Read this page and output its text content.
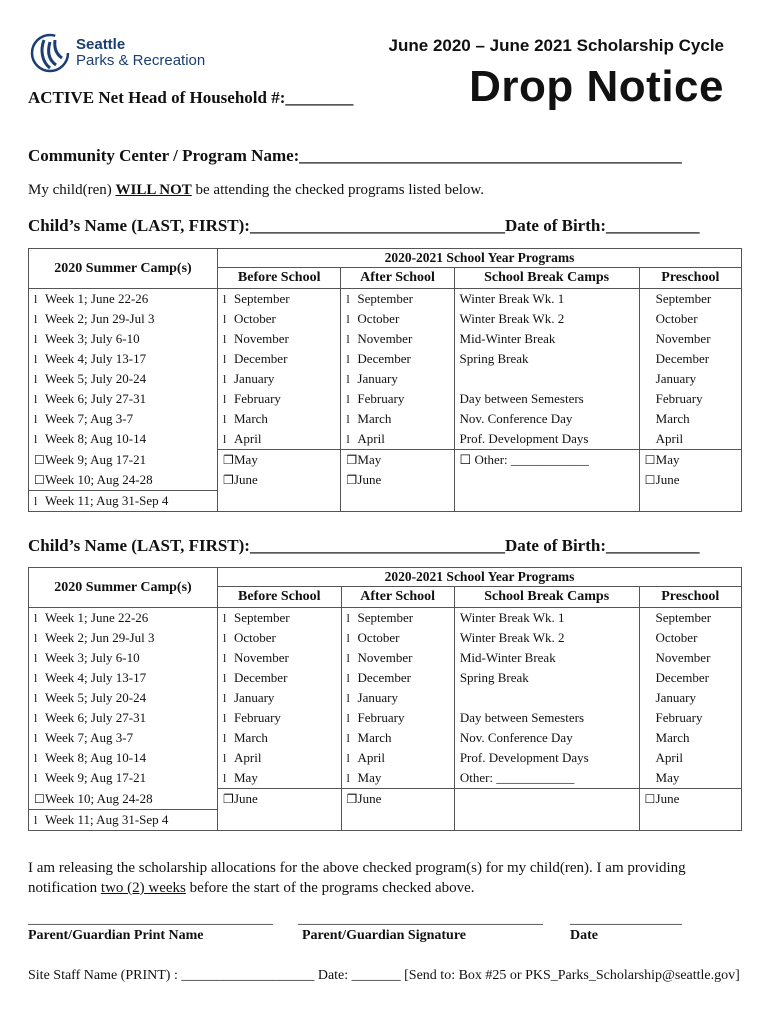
Seattle
Parks & Recreation
June 2020 – June 2021 Scholarship Cycle
Drop Notice
ACTIVE Net Head of Household #:________
Community Center / Program Name:_____________________________________________
My child(ren) WILL NOT be attending the checked programs listed below.
Child’s Name (LAST, FIRST):______________________________Date of Birth:___________
2020 Summer Camp(s)	2020-2021 School Year Programs			
	Before School	After School	School Break Camps	Preschool
l Week 1; June 22-26	l September	l September	Winter Break Wk. 1	September
l Week 2; Jun 29-Jul 3	l October	l October	Winter Break Wk. 2	October
l Week 3; July 6-10	l November	l November	Mid-Winter Break	November
l Week 4; July 13-17	l December	l December	Spring Break	December
l Week 5; July 20-24	l January	l January		January
l Week 6; July 27-31	l February	l February	Day between Semesters	February
l Week 7; Aug 3-7	l March	l March	Nov. Conference Day	March
l Week 8; Aug 10-14	l April	l April	Prof. Development Days	April
☐Week 9; Aug 17-21	❐May	❐May	☐ Other: ____________	☐May
☐Week 10; Aug 24-28	❐June	❐June		☐June
l Week 11; Aug 31-Sep 4				
Child’s Name (LAST, FIRST):______________________________Date of Birth:___________
2020 Summer Camp(s)	2020-2021 School Year Programs			
	Before School	After School	School Break Camps	Preschool
l Week 1; June 22-26	l September	l September	Winter Break Wk. 1	September
l Week 2; Jun 29-Jul 3	l October	l October	Winter Break Wk. 2	October
l Week 3; July 6-10	l November	l November	Mid-Winter Break	November
l Week 4; July 13-17	l December	l December	Spring Break	December
l Week 5; July 20-24	l January	l January		January
l Week 6; July 27-31	l February	l February	Day between Semesters	February
l Week 7; Aug 3-7	l March	l March	Nov. Conference Day	March
l Week 8; Aug 10-14	l April	l April	Prof. Development Days	April
l Week 9; Aug 17-21	l May	l May	Other: ____________	May
☐Week 10; Aug 24-28	❐June	❐June		☐June
l Week 11; Aug 31-Sep 4				
I am releasing the scholarship allocations for the above checked program(s) for my child(ren). I am providing notification two (2) weeks before the start of the programs checked above.
___________________________________ ___________________________________ ________________
Parent/Guardian Print Name	Parent/Guardian Signature	Date
Site Staff Name (PRINT) : ___________________ Date: _______ [Send to: Box #25 or PKS_Parks_Scholarship@seattle.gov]
